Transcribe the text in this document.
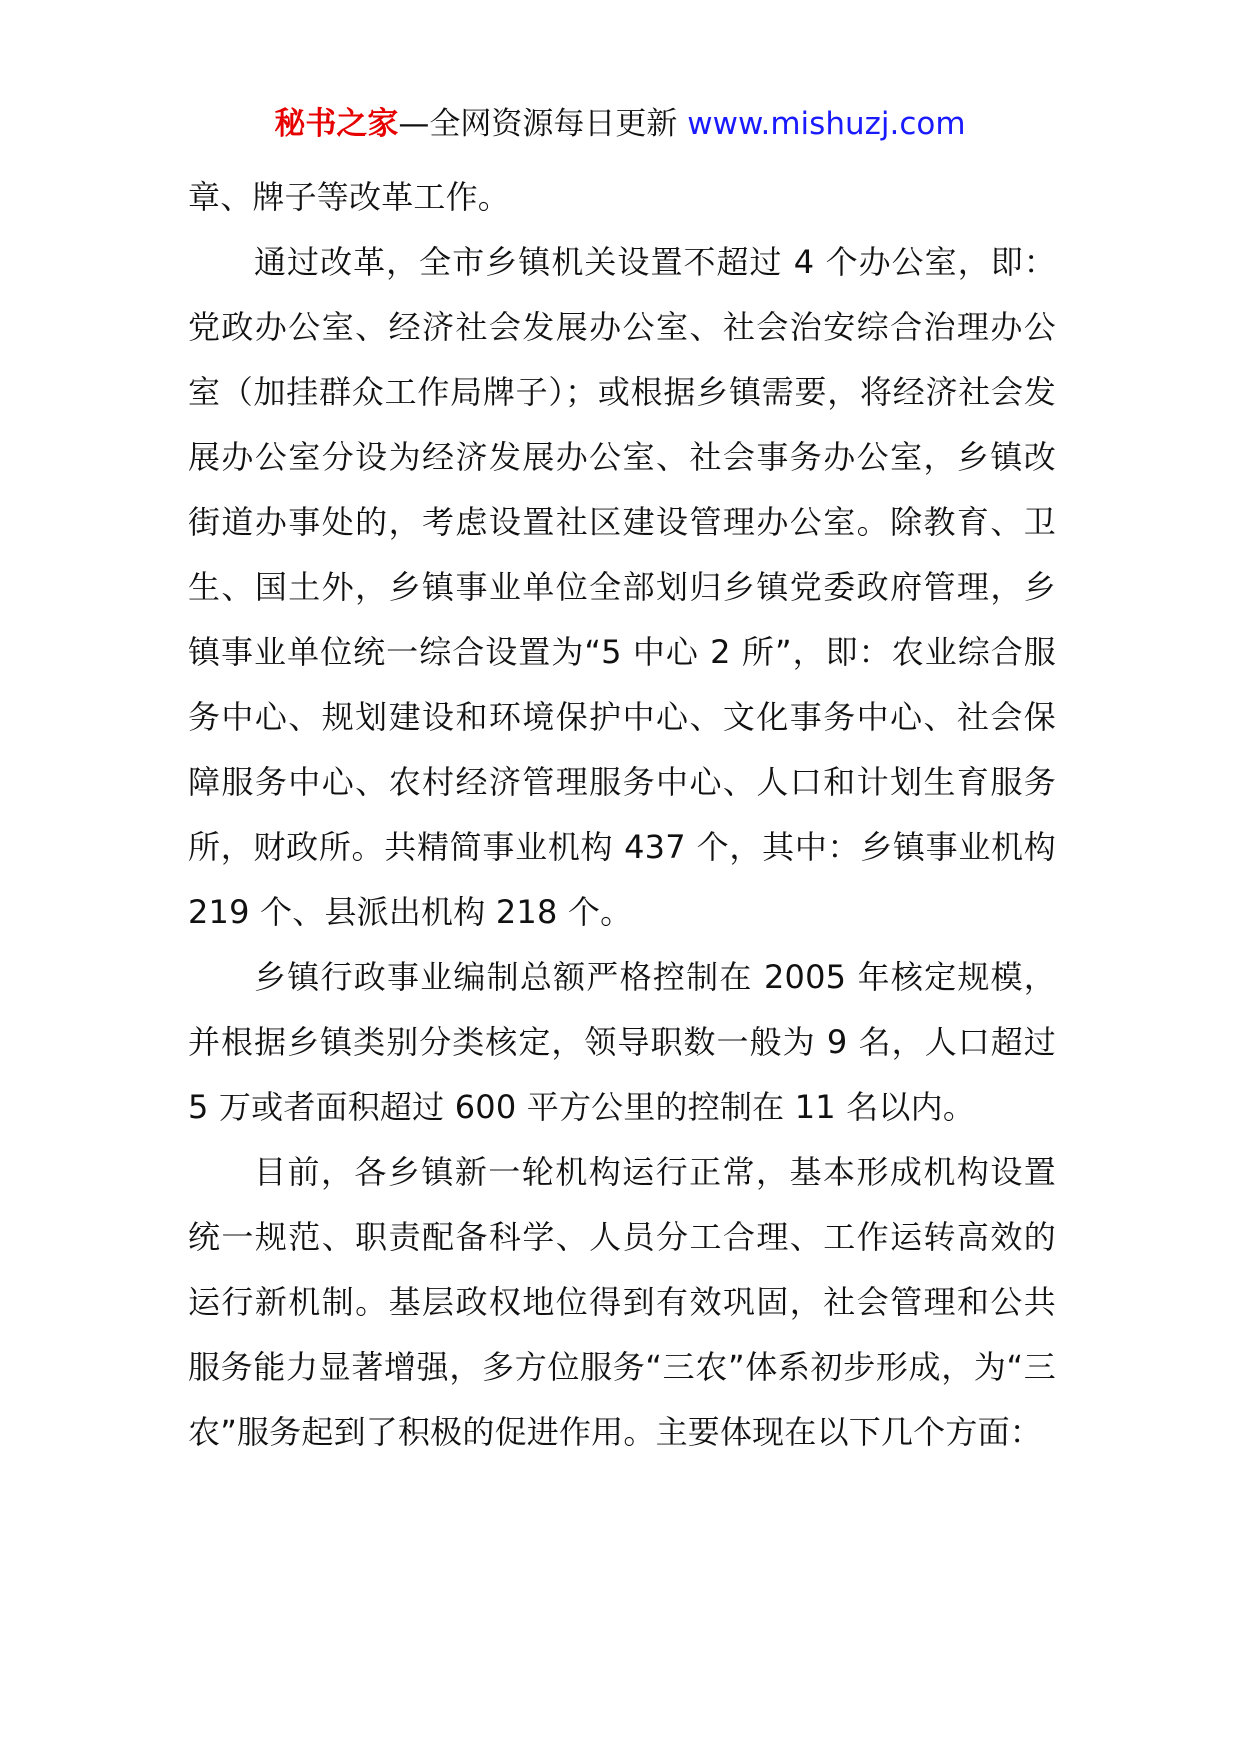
秘书之家—全网资源每日更新 www.mishuzj.com

章、牌子等改革工作。

通过改革，全市乡镇机关设置不超过 4 个办公室，即：党政办公室、经济社会发展办公室、社会治安综合治理办公室（加挂群众工作局牌子）；或根据乡镇需要，将经济社会发展办公室分设为经济发展办公室、社会事务办公室，乡镇改街道办事处的，考虑设置社区建设管理办公室。除教育、卫生、国土外，乡镇事业单位全部划归乡镇党委政府管理，乡镇事业单位统一综合设置为“5 中心 2 所”，即：农业综合服务中心、规划建设和环境保护中心、文化事务中心、社会保障服务中心、农村经济管理服务中心、人口和计划生育服务所，财政所。共精简事业机构 437 个，其中：乡镇事业机构 219 个、县派出机构 218 个。

乡镇行政事业编制总额严格控制在 2005 年核定规模，并根据乡镇类别分类核定，领导职数一般为 9 名，人口超过 5 万或者面积超过 600 平方公里的控制在 11 名以内。

目前，各乡镇新一轮机构运行正常，基本形成机构设置统一规范、职责配备科学、人员分工合理、工作运转高效的运行新机制。基层政权地位得到有效巩固，社会管理和公共服务能力显著增强，多方位服务“三农”体系初步形成，为“三农”服务起到了积极的促进作用。主要体现在以下几个方面：
